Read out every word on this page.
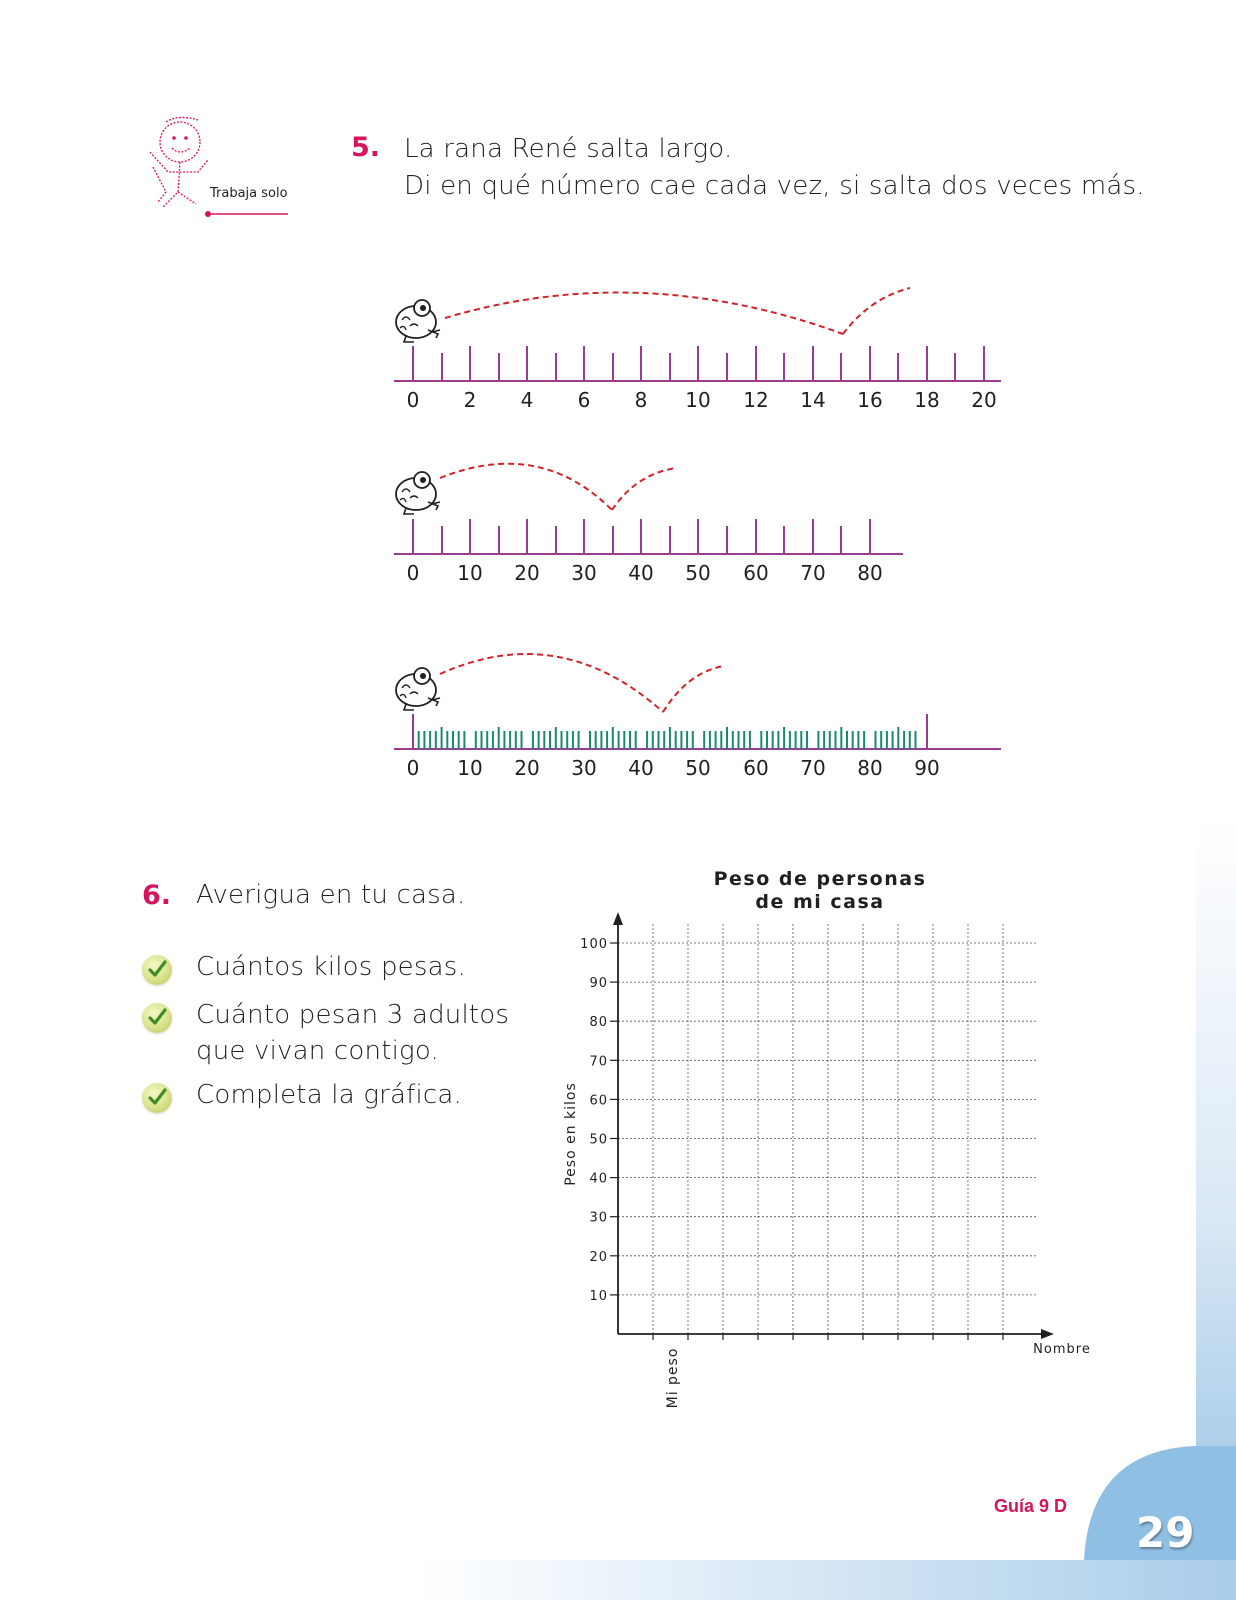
Trabaja solo
5. La rana René salta largo.
Di en qué número cae cada vez, si salta dos veces más.
0 2 4 6 8 10 12 14 16 18 20
0 10 20 30 40 50 60 70 80
0 10 20 30 40 50 60 70 80 90
6. Averigua en tu casa.
Cuántos kilos pesas.
Cuánto pesan 3 adultos
que vivan contigo.
Completa la gráfica.
Peso de personas
de mi casa
100
90
80
70
60
50
40
30
20
10
Nombre
Peso en kilos
Mi peso
Guía 9 D
29
